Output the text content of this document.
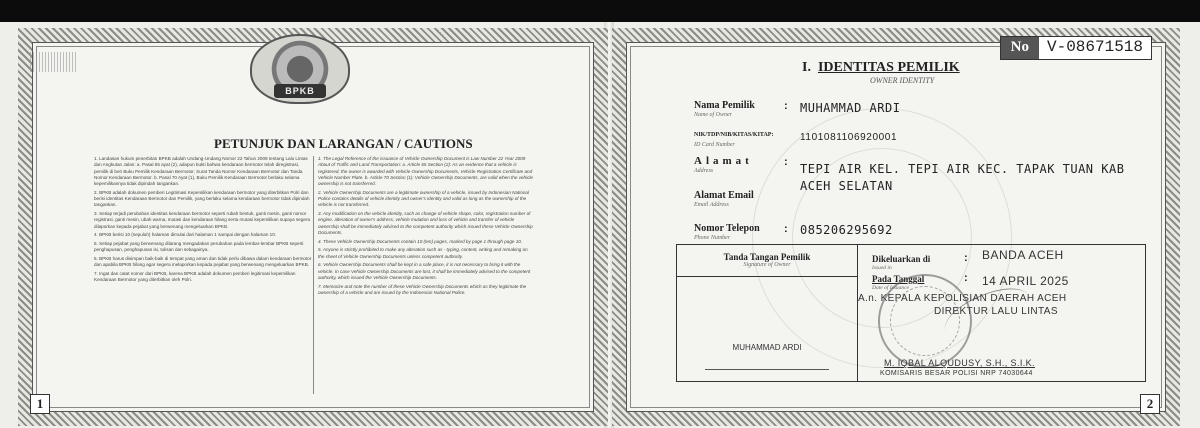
BPKB
PETUNJUK DAN LARANGAN / CAUTIONS

1. Landasan hukum penerbitan BPKB adalah Undang-Undang Nomor 22 Tahun 2009 tentang Lalu Lintas dan Angkutan Jalan: a. Pasal 65 ayat (2), adapun bukti bahwa kendaraan bermotor telah diregistrasi, pemilik di beri Buku Pemilik Kendaraan Bermotor, Surat Tanda Nomor Kendaraan Bermotor dan Tanda Nomor Kendaraan Bermotor. b. Pasal 70 Ayat (1), Buku Pemilik Kendaraan Bermotor berlaku selama kepemilikannya tidak dipindah tangankan.

2. BPKB adalah dokumen pemberi Legitimasi Kepemilikan kendaraan bermotor yang diterbitkan Polri dan berisi identitas Kendaraan Bermotor dan Pemilik, yang berlaku selama kendaraan bermotor tidak dipindah tangankan.

3. Setiap terjadi perubahan identitas kendaraan bermotor seperti rubah bentuk, ganti mesin, ganti nomor registrasi, ganti mesin, ubah warna, mutasi dan kendaraan hilang serta mutasi kepemilikan supaya segera dilaporkan kepada pejabat yang berwenang mengeluarkan BPKB.

4. BPKB berisi 10 (sepuluh) halaman dimulai dari halaman 1 sampai dengan halaman 10.

5. Setiap pejabat yang berwenang dilarang mengadakan perubahan pada lembar-lembar BPKB seperti penghapusan, penghapusan isi, tulisan dan sebagainya.

6. BPKB harus disimpan baik-baik di tempat yang aman dan tidak perlu dibawa dalam kendaraan bermotor dan apabila BPKB hilang agar segera melaporkan kepada pejabat yang berwenang mengeluarkan BPKB.

7. Ingat dan catat nomor dari BPKB, karena BPKB adalah dokumen pemberi legitimasi kepemilikan Kendaraan Bermotor yang diterbitkan oleh Polri.

1. The Legal Reference of the issuance of Vehicle Ownership Document is Law Number 22 Year 2009 About of Traffic and Land Transportation: a. Article 65 Section (2): As an evidence that a vehicle is registered, the owner is awarded with Vehicle Ownership Documents, Vehicle Registration Certificate and Vehicle Number Plate. b. Article 70 Section (1): Vehicle Ownership Documents, are valid when the vehicle ownership is not transferred.

2. Vehicle Ownership Documents are a legitimate ownership of a vehicle, issued by Indonesian National Police contains details of vehicle identity and owner's identity and valid as long as the ownership of the vehicle is not transferred.

3. Any modification on the vehicle identity, such as change of vehicle shape, color, registration number of engine, alteration of owner's address, vehicle mutation and loss of vehicle and transfer of vehicle ownership shall be immediately advised to the competent authority which issued these Vehicle Ownership Documents.

4. These Vehicle Ownership Documents contain 10 (ten) pages, marked by page 1 through page 10.

5. Anyone is strictly prohibited to make any alteration such as - typing, content, writing and remaking on the sheet of Vehicle Ownership Documents unless competent authority.

6. Vehicle Ownership Documents shall be kept in a safe place, it is not necessary to bring it with the vehicle. In case Vehicle Ownership Documents are lost, it shall be immediately advised to the competent authority, which issued the Vehicle Ownership Documents.

7. Memorize and note the number of these Vehicle Ownership Documents which as they legitimate the ownership of a vehicle and are issued by the Indonesian National Police.

1
No	V-08671518
I. IDENTITAS PEMILIK
OWNER IDENTITY
Nama Pemilik
Name of Owner
: MUHAMMAD ARDI
NIK/TDP/NIB/KITAS/KITAP:
ID Card Number
1101081106920001
Alamat
Address
: TEPI AIR KEL. TEPI AIR KEC. TAPAK TUAN KAB
ACEH SELATAN
Alamat Email
Email Address
Nomor Telepon
Phone Number
: 085206295692
Tanda Tangan Pemilik
Signature of Owner
MUHAMMAD ARDI
Dikeluarkan di
Issued in
: BANDA ACEH
Pada Tanggal
Date of Issuance
: 14 APRIL 2025
A.n. KEPALA KEPOLISIAN DAERAH ACEH
DIREKTUR LALU LINTAS
M. IQBAL ALQUDUSY, S.H., S.I.K.
KOMISARIS BESAR POLISI NRP 74030644
2
